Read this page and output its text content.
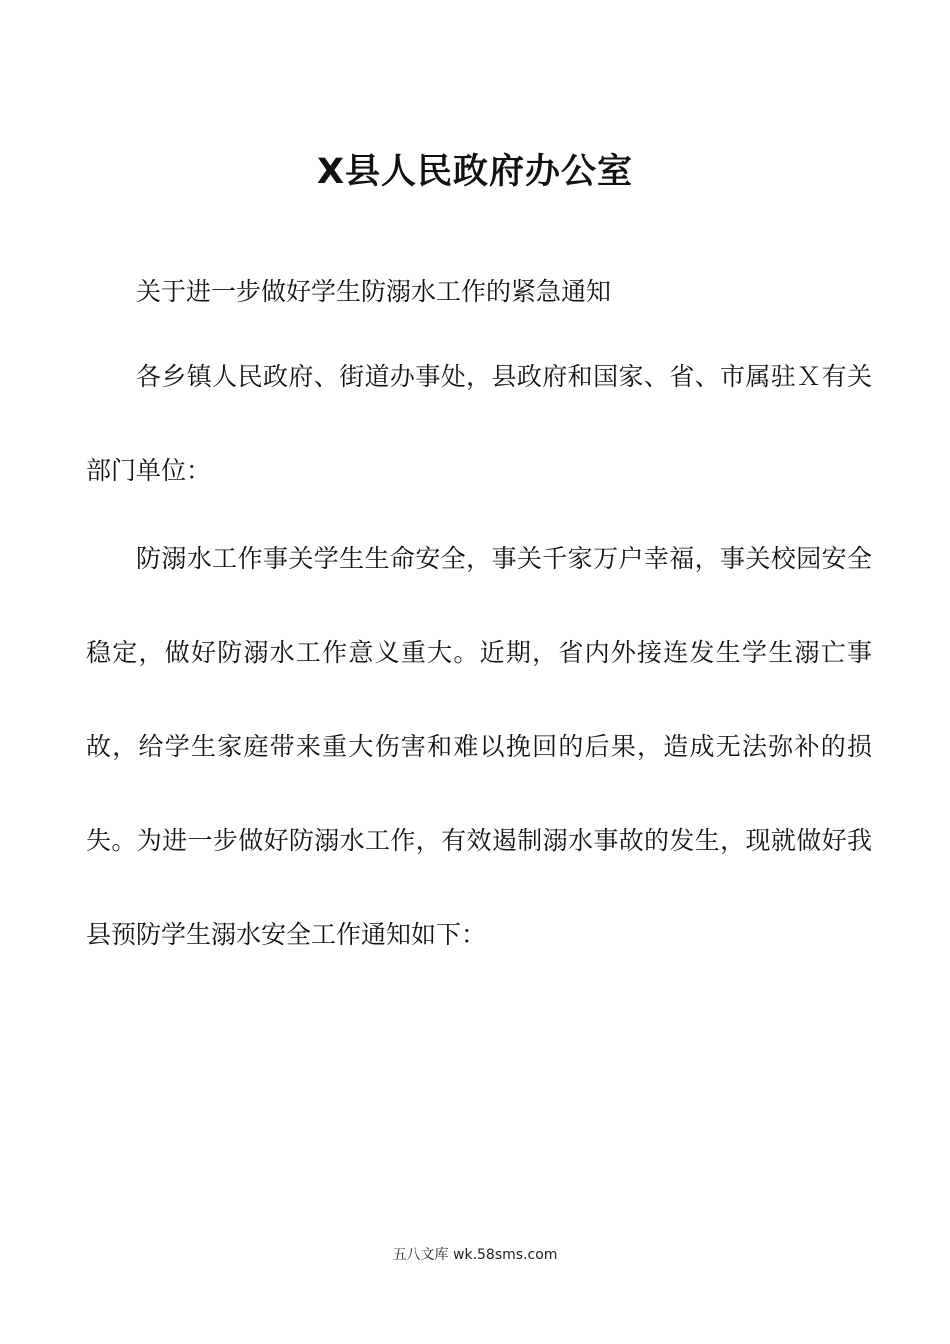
X县人民政府办公室

关于进一步做好学生防溺水工作的紧急通知

各乡镇人民政府、街道办事处，县政府和国家、省、市属驻Ｘ有关部门单位：

防溺水工作事关学生生命安全，事关千家万户幸福，事关校园安全稳定，做好防溺水工作意义重大。近期，省内外接连发生学生溺亡事故，给学生家庭带来重大伤害和难以挽回的后果，造成无法弥补的损失。为进一步做好防溺水工作，有效遏制溺水事故的发生，现就做好我县预防学生溺水安全工作通知如下：

五八文库 wk.58sms.com
